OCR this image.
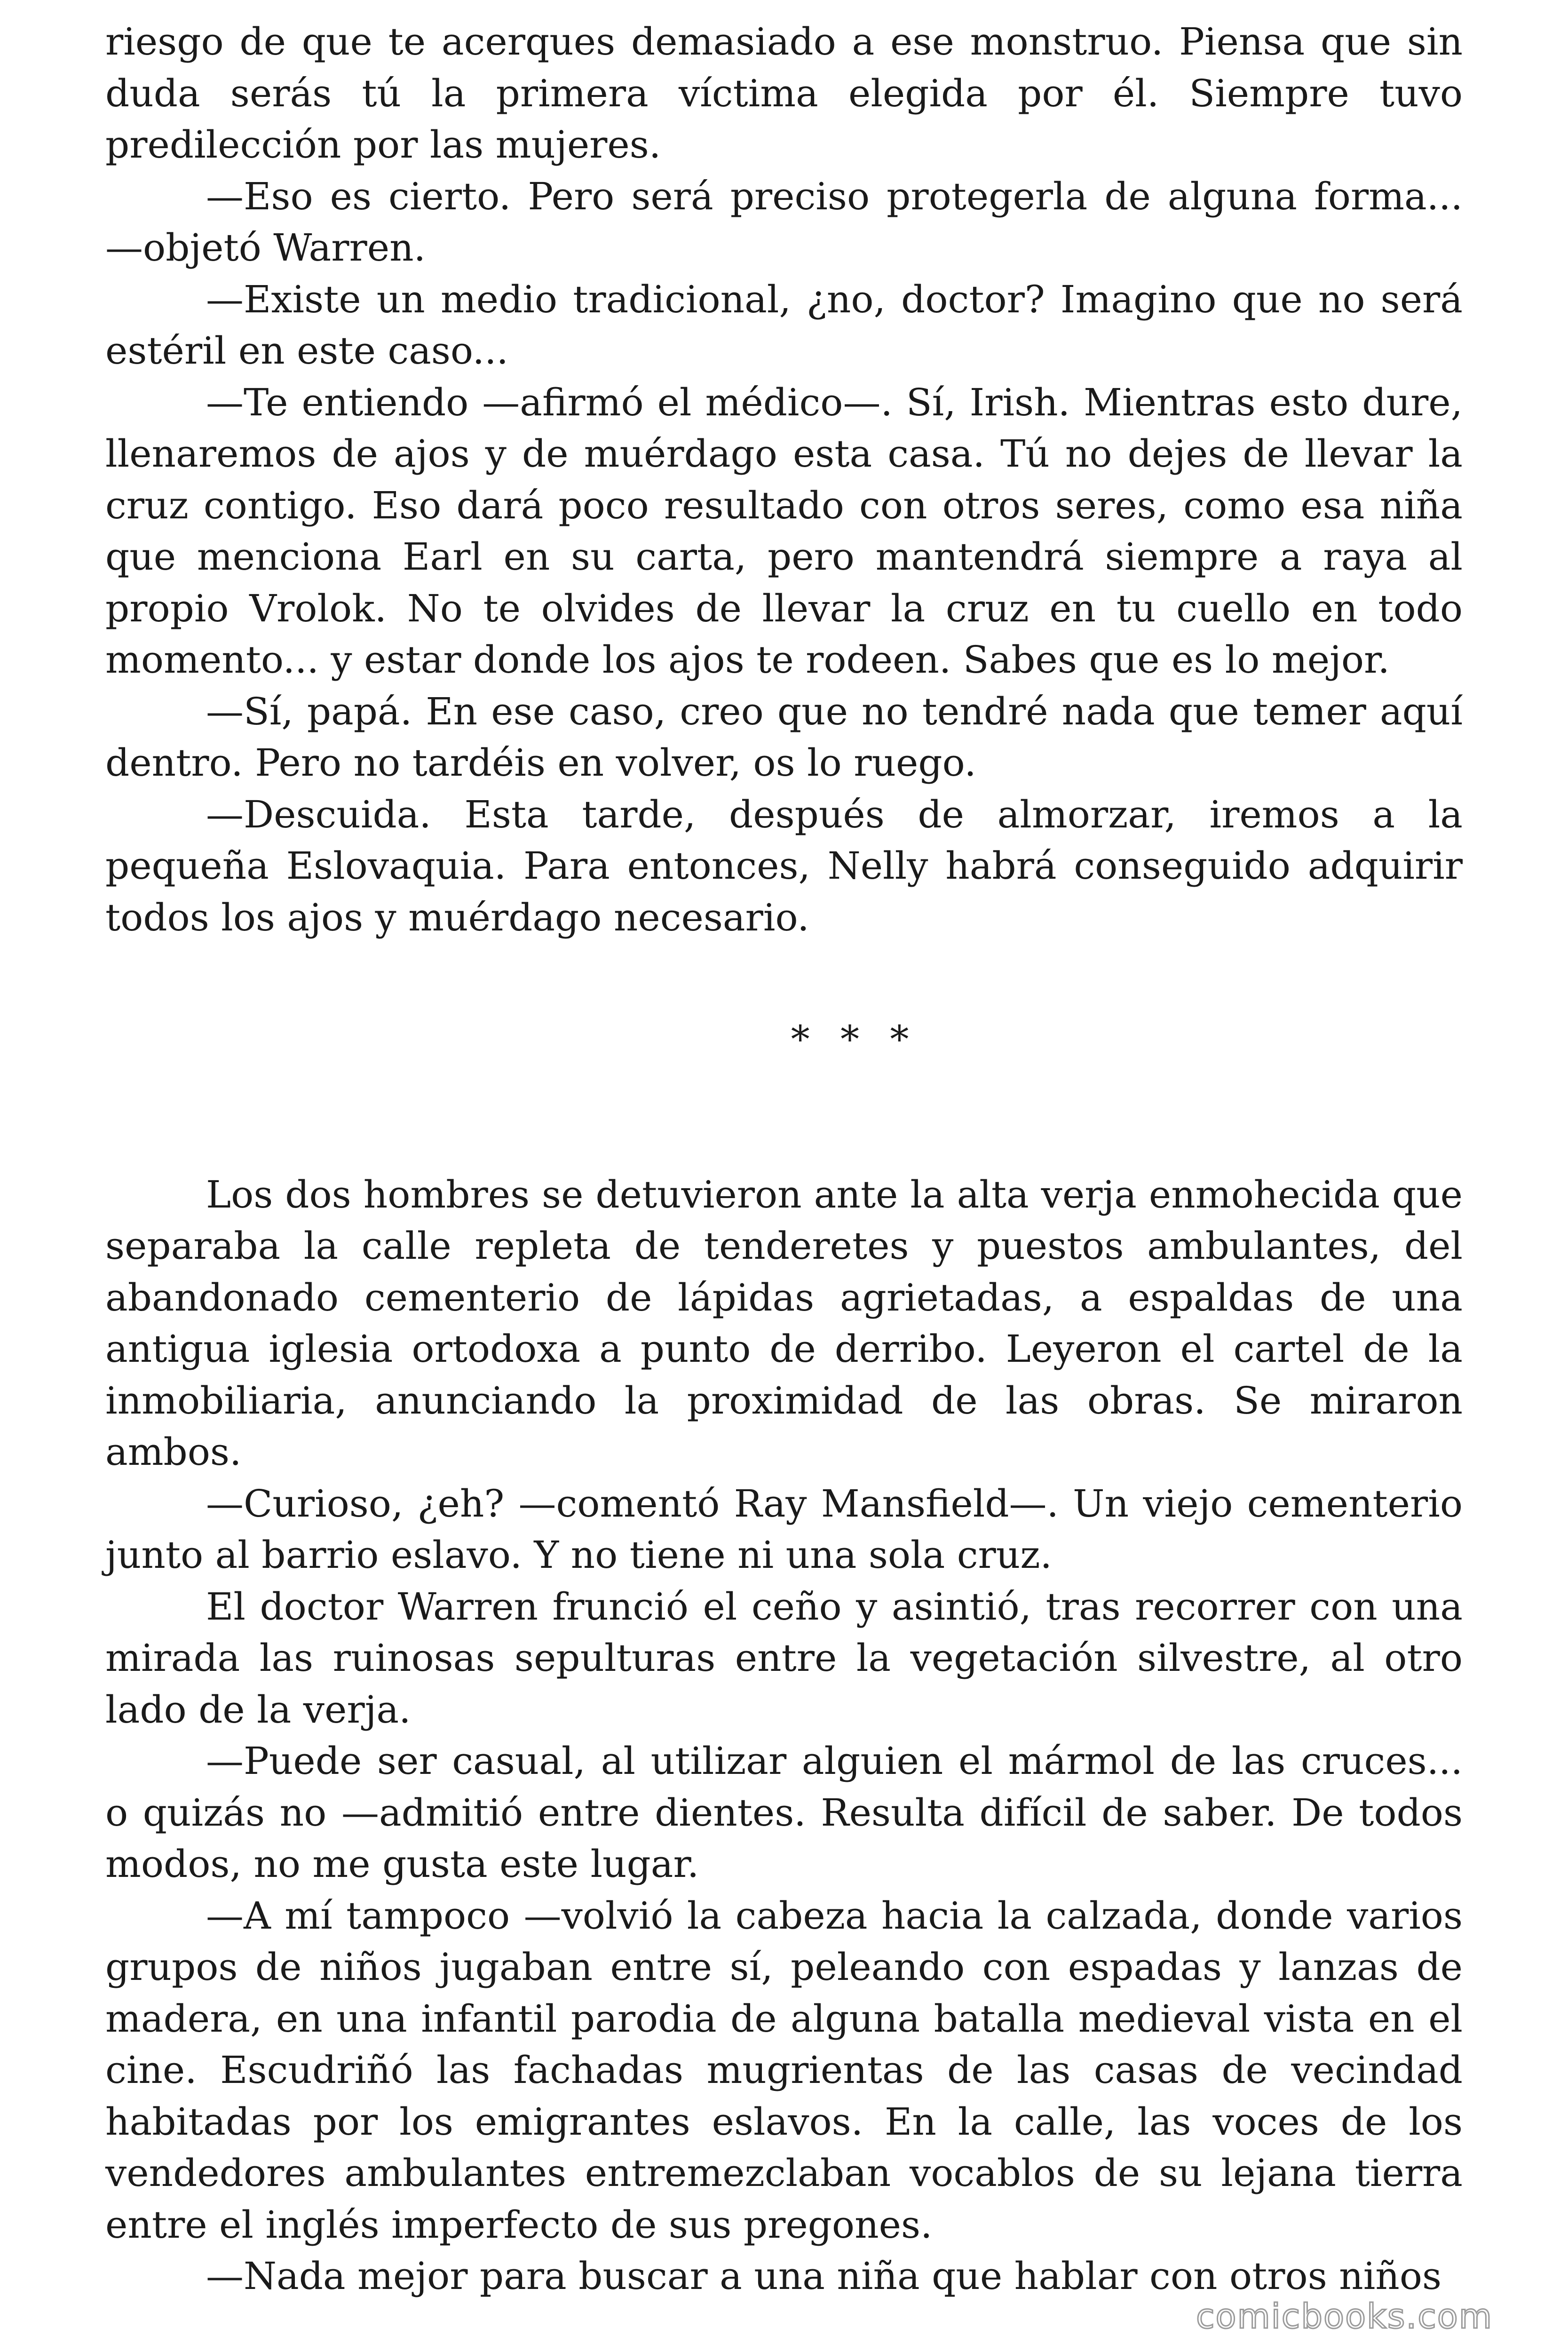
riesgo de que te acerques demasiado a ese monstruo. Piensa que sin duda serás tú la primera víctima elegida por él. Siempre tuvo predilección por las mujeres.

—Eso es cierto. Pero será preciso protegerla de alguna forma... —objetó Warren.

—Existe un medio tradicional, ¿no, doctor? Imagino que no será estéril en este caso...

—Te entiendo —afirmó el médico—. Sí, Irish. Mientras esto dure, llenaremos de ajos y de muérdago esta casa. Tú no dejes de llevar la cruz contigo. Eso dará poco resultado con otros seres, como esa niña que menciona Earl en su carta, pero mantendrá siempre a raya al propio Vrolok. No te olvides de llevar la cruz en tu cuello en todo momento... y estar donde los ajos te rodeen. Sabes que es lo mejor.

—Sí, papá. En ese caso, creo que no tendré nada que temer aquí dentro. Pero no tardéis en volver, os lo ruego.

—Descuida. Esta tarde, después de almorzar, iremos a la pequeña Eslovaquia. Para entonces, Nelly habrá conseguido adquirir todos los ajos y muérdago necesario.

* * *

Los dos hombres se detuvieron ante la alta verja enmohecida que separaba la calle repleta de tenderetes y puestos ambulantes, del abandonado cementerio de lápidas agrietadas, a espaldas de una antigua iglesia ortodoxa a punto de derribo. Leyeron el cartel de la inmobiliaria, anunciando la proximidad de las obras. Se miraron ambos.

—Curioso, ¿eh? —comentó Ray Mansfield—. Un viejo cementerio junto al barrio eslavo. Y no tiene ni una sola cruz.

El doctor Warren frunció el ceño y asintió, tras recorrer con una mirada las ruinosas sepulturas entre la vegetación silvestre, al otro lado de la verja.

—Puede ser casual, al utilizar alguien el mármol de las cruces... o quizás no —admitió entre dientes. Resulta difícil de saber. De todos modos, no me gusta este lugar.

—A mí tampoco —volvió la cabeza hacia la calzada, donde varios grupos de niños jugaban entre sí, peleando con espadas y lanzas de madera, en una infantil parodia de alguna batalla medieval vista en el cine. Escudriñó las fachadas mugrientas de las casas de vecindad habitadas por los emigrantes eslavos. En la calle, las voces de los vendedores ambulantes entremezclaban vocablos de su lejana tierra entre el inglés imperfecto de sus pregones.

—Nada mejor para buscar a una niña que hablar con otros niños

comicbooks.com
